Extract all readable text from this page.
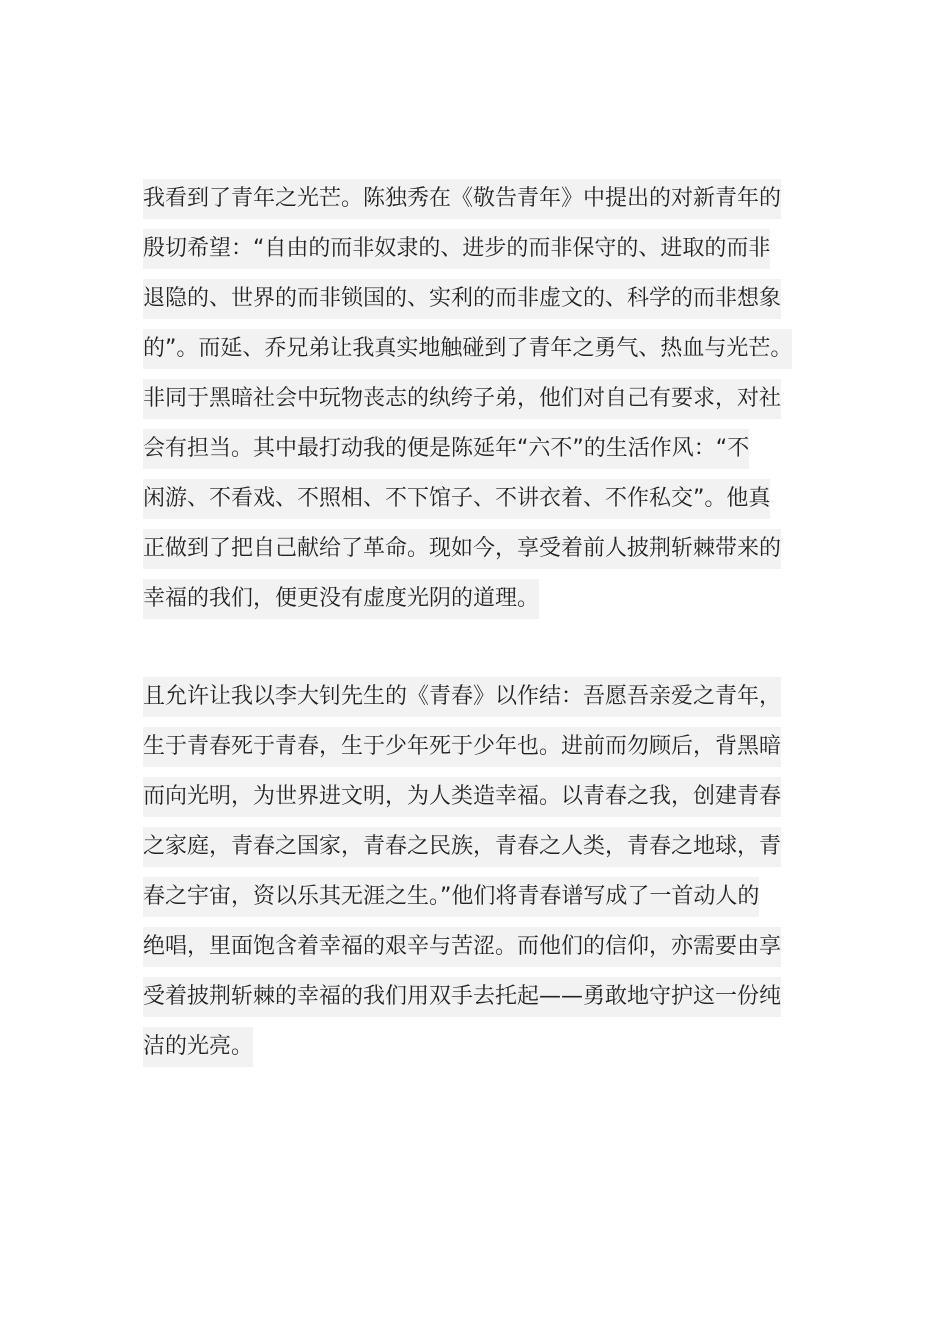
我看到了青年之光芒。陈独秀在《敬告青年》中提出的对新青年的
殷切希望：“自由的而非奴隶的、进步的而非保守的、进取的而非
退隐的、世界的而非锁国的、实利的而非虚文的、科学的而非想象
的”。而延、乔兄弟让我真实地触碰到了青年之勇气、热血与光芒。
非同于黑暗社会中玩物丧志的纨绔子弟，他们对自己有要求，对社
会有担当。其中最打动我的便是陈延年“六不”的生活作风：“不
闲游、不看戏、不照相、不下馆子、不讲衣着、不作私交”。他真
正做到了把自己献给了革命。现如今，享受着前人披荆斩棘带来的
幸福的我们，便更没有虚度光阴的道理。
且允许让我以李大钊先生的《青春》以作结：吾愿吾亲爱之青年，
生于青春死于青春，生于少年死于少年也。进前而勿顾后，背黑暗
而向光明，为世界进文明，为人类造幸福。以青春之我，创建青春
之家庭，青春之国家，青春之民族，青春之人类，青春之地球，青
春之宇宙，资以乐其无涯之生。”他们将青春谱写成了一首动人的
绝唱，里面饱含着幸福的艰辛与苦涩。而他们的信仰，亦需要由享
受着披荆斩棘的幸福的我们用双手去托起——勇敢地守护这一份纯
洁的光亮。
